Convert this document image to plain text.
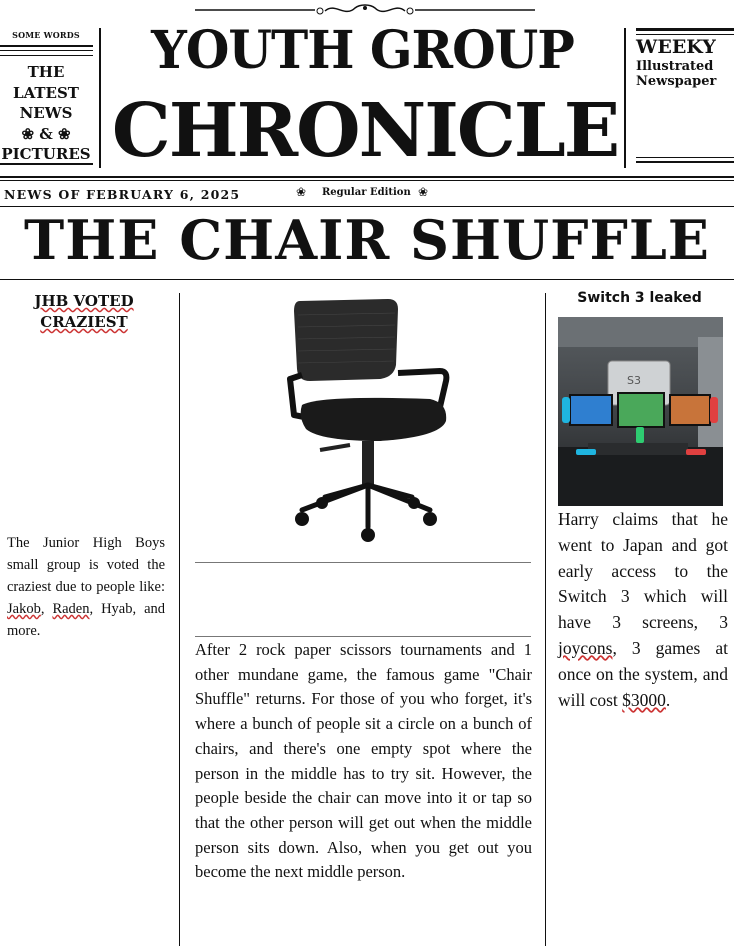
SOME WORDS
THE
LATEST
NEWS
❀ & ❀
PICTURES
YOUTH GROUP
CHRONICLE
WEEKY
Illustrated
Newspaper
NEWS OF FEBRUARY 6, 2025	❀ Regular Edition ❀
THE CHAIR SHUFFLE
JHB VOTED
CRAZIEST
The Junior High Boys small group is voted the craziest due to people like: Jakob, Raden, Hyab, and more.
After 2 rock paper scissors tournaments and 1 other mundane game, the famous game "Chair Shuffle" returns. For those of you who forget, it's where a bunch of people sit a circle on a bunch of chairs, and there's one empty spot where the person in the middle has to try sit. However, the people beside the chair can move into it or tap so that the other person will get out when the middle person sits down. Also, when you get out you become the next middle person.
Switch 3 leaked
S3
Harry claims that he went to Japan and got early access to the Switch 3 which will have 3 screens, 3 joycons, 3 games at once on the system, and will cost $3000.
